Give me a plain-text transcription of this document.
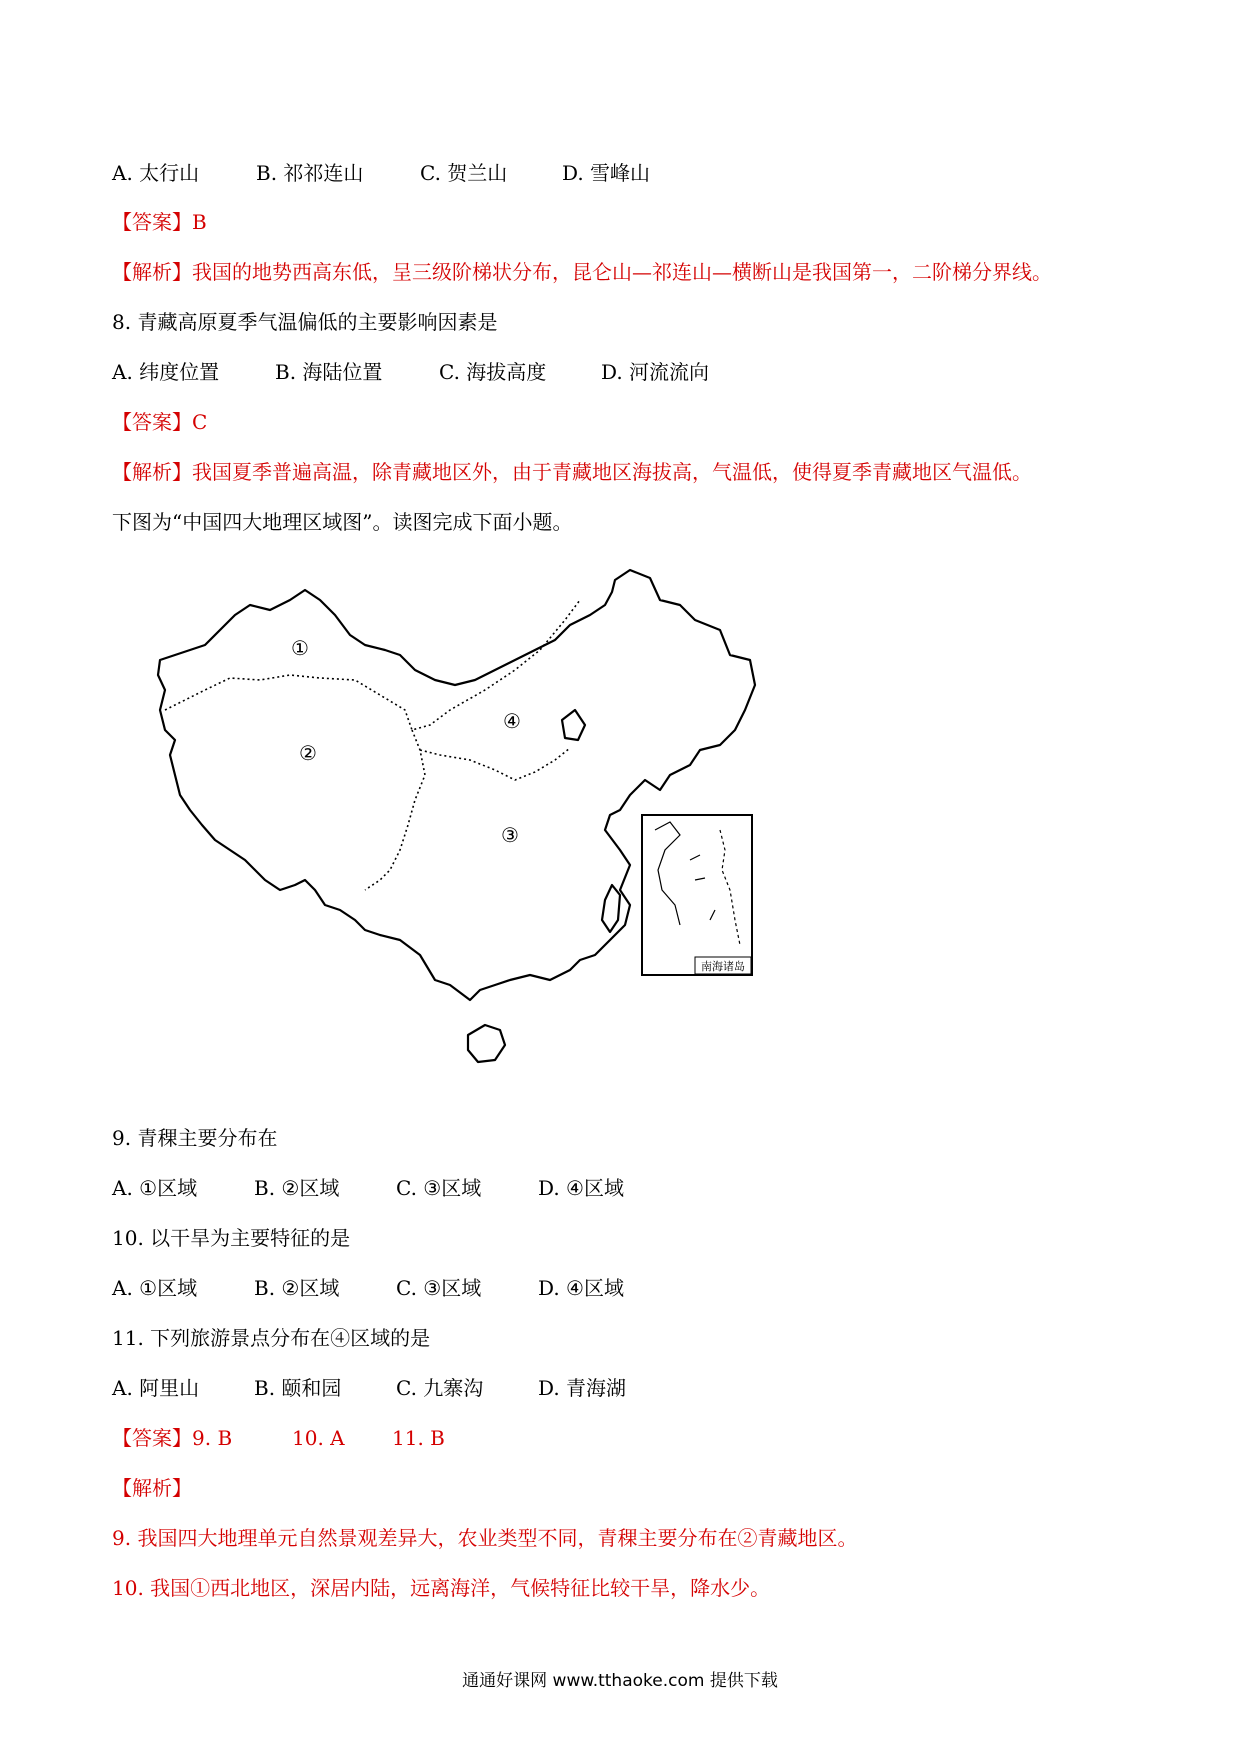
A. 太行山	B. 祁祁连山	C. 贺兰山	D. 雪峰山
【答案】B
【解析】我国的地势西高东低，呈三级阶梯状分布，昆仑山—祁连山—横断山是我国第一，二阶梯分界线。
8. 青藏高原夏季气温偏低的主要影响因素是
A. 纬度位置	B. 海陆位置	C. 海拔高度	D. 河流流向
【答案】C
【解析】我国夏季普遍高温，除青藏地区外，由于青藏地区海拔高，气温低，使得夏季青藏地区气温低。
下图为“中国四大地理区域图”。读图完成下面小题。
①
②
③
④
南海诸岛
9. 青稞主要分布在
A. ①区域	B. ②区域	C. ③区域	D. ④区域
10. 以干旱为主要特征的是
A. ①区域	B. ②区域	C. ③区域	D. ④区域
11. 下列旅游景点分布在④区域的是
A. 阿里山	B. 颐和园	C. 九寨沟	D. 青海湖
【答案】9. B	10. A 11. B
【解析】
9. 我国四大地理单元自然景观差异大，农业类型不同，青稞主要分布在②青藏地区。
10. 我国①西北地区，深居内陆，远离海洋，气候特征比较干旱，降水少。
通通好课网 www.tthaoke.com 提供下载
